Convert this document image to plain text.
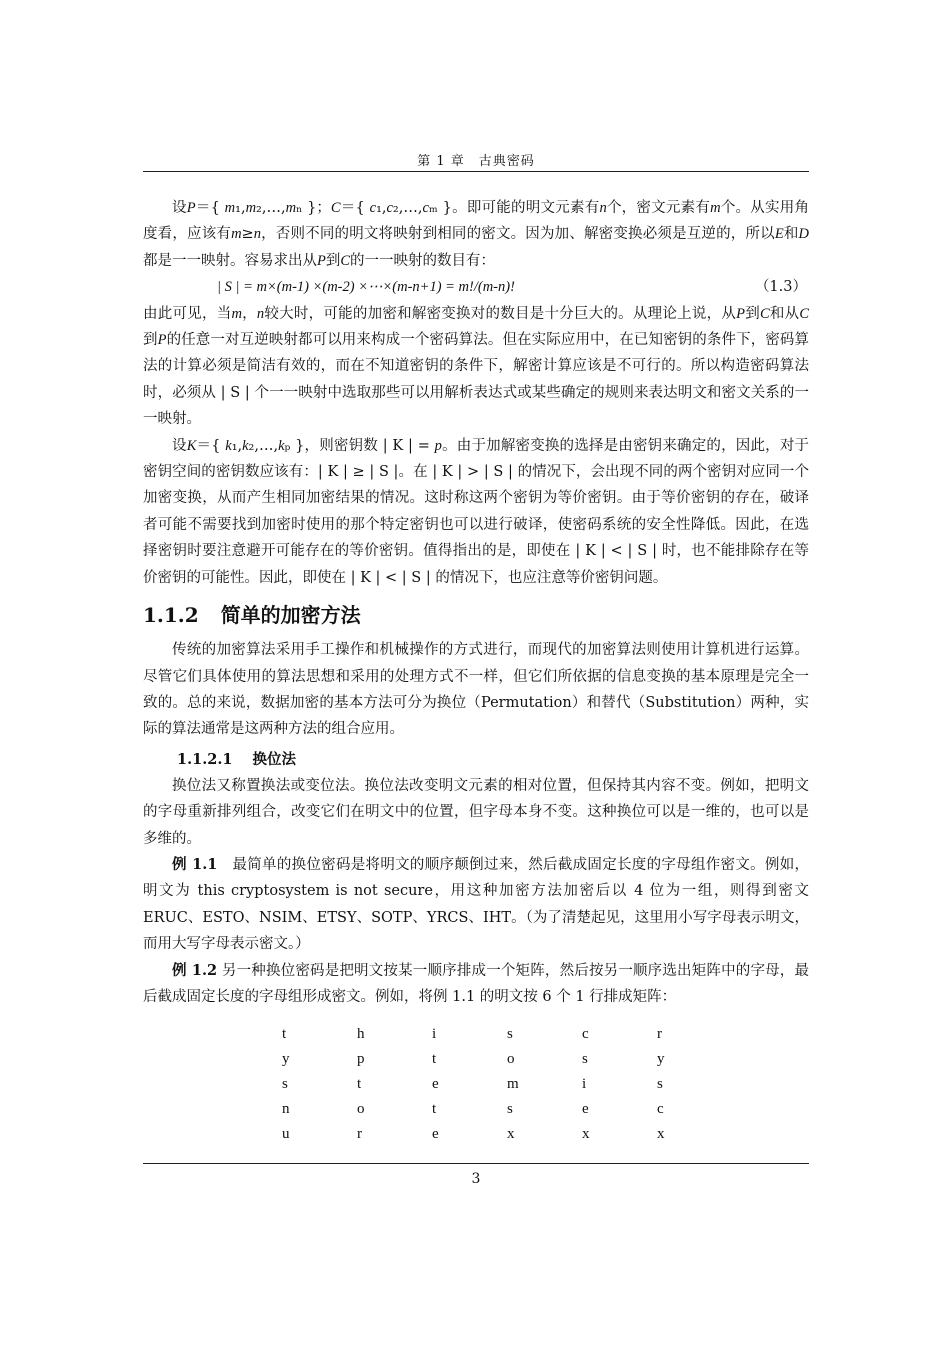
第 1 章　古典密码

设P＝{ m₁,m₂,…,mₙ }；C＝{ c₁,c₂,…,cₘ }。即可能的明文元素有n个，密文元素有m个。从实用角度看，应该有m≥n，否则不同的明文将映射到相同的密文。因为加、解密变换必须是互逆的，所以E和D都是一一映射。容易求出从P到C的一一映射的数目有：

| S | = m×(m-1) ×(m-2) ×⋯×(m-n+1) = m!/(m-n)!	（1.3）

由此可见，当m，n较大时，可能的加密和解密变换对的数目是十分巨大的。从理论上说，从P到C和从C到P的任意一对互逆映射都可以用来构成一个密码算法。但在实际应用中，在已知密钥的条件下，密码算法的计算必须是简洁有效的，而在不知道密钥的条件下，解密计算应该是不可行的。所以构造密码算法时，必须从 | S | 个一一映射中选取那些可以用解析表达式或某些确定的规则来表达明文和密文关系的一一映射。

设K＝{ k₁,k₂,…,kₚ }，则密钥数 | K | = p。由于加解密变换的选择是由密钥来确定的，因此，对于密钥空间的密钥数应该有：| K | ≥ | S |。在 | K | > | S | 的情况下，会出现不同的两个密钥对应同一个加密变换，从而产生相同加密结果的情况。这时称这两个密钥为等价密钥。由于等价密钥的存在，破译者可能不需要找到加密时使用的那个特定密钥也可以进行破译，使密码系统的安全性降低。因此，在选择密钥时要注意避开可能存在的等价密钥。值得指出的是，即使在 | K | < | S | 时，也不能排除存在等价密钥的可能性。因此，即使在 | K | < | S | 的情况下，也应注意等价密钥问题。

1.1.2 简单的加密方法

传统的加密算法采用手工操作和机械操作的方式进行，而现代的加密算法则使用计算机进行运算。尽管它们具体使用的算法思想和采用的处理方式不一样，但它们所依据的信息变换的基本原理是完全一致的。总的来说，数据加密的基本方法可分为换位（Permutation）和替代（Substitution）两种，实际的算法通常是这两种方法的组合应用。

1.1.2.1 换位法

换位法又称置换法或变位法。换位法改变明文元素的相对位置，但保持其内容不变。例如，把明文的字母重新排列组合，改变它们在明文中的位置，但字母本身不变。这种换位可以是一维的，也可以是多维的。

例 1.1　最简单的换位密码是将明文的顺序颠倒过来，然后截成固定长度的字母组作密文。例如，明文为 this cryptosystem is not secure，用这种加密方法加密后以 4 位为一组，则得到密文 ERUC、ESTO、NSIM、ETSY、SOTP、YRCS、IHT。（为了清楚起见，这里用小写字母表示明文，而用大写字母表示密文。）

例 1.2 另一种换位密码是把明文按某一顺序排成一个矩阵，然后按另一顺序选出矩阵中的字母，最后截成固定长度的字母组形成密文。例如，将例 1.1 的明文按 6 个 1 行排成矩阵：

t	h	i	s	c	r
y	p	t	o	s	y
s	t	e	m	i	s
n	o	t	s	e	c
u	r	e	x	x	x
3
